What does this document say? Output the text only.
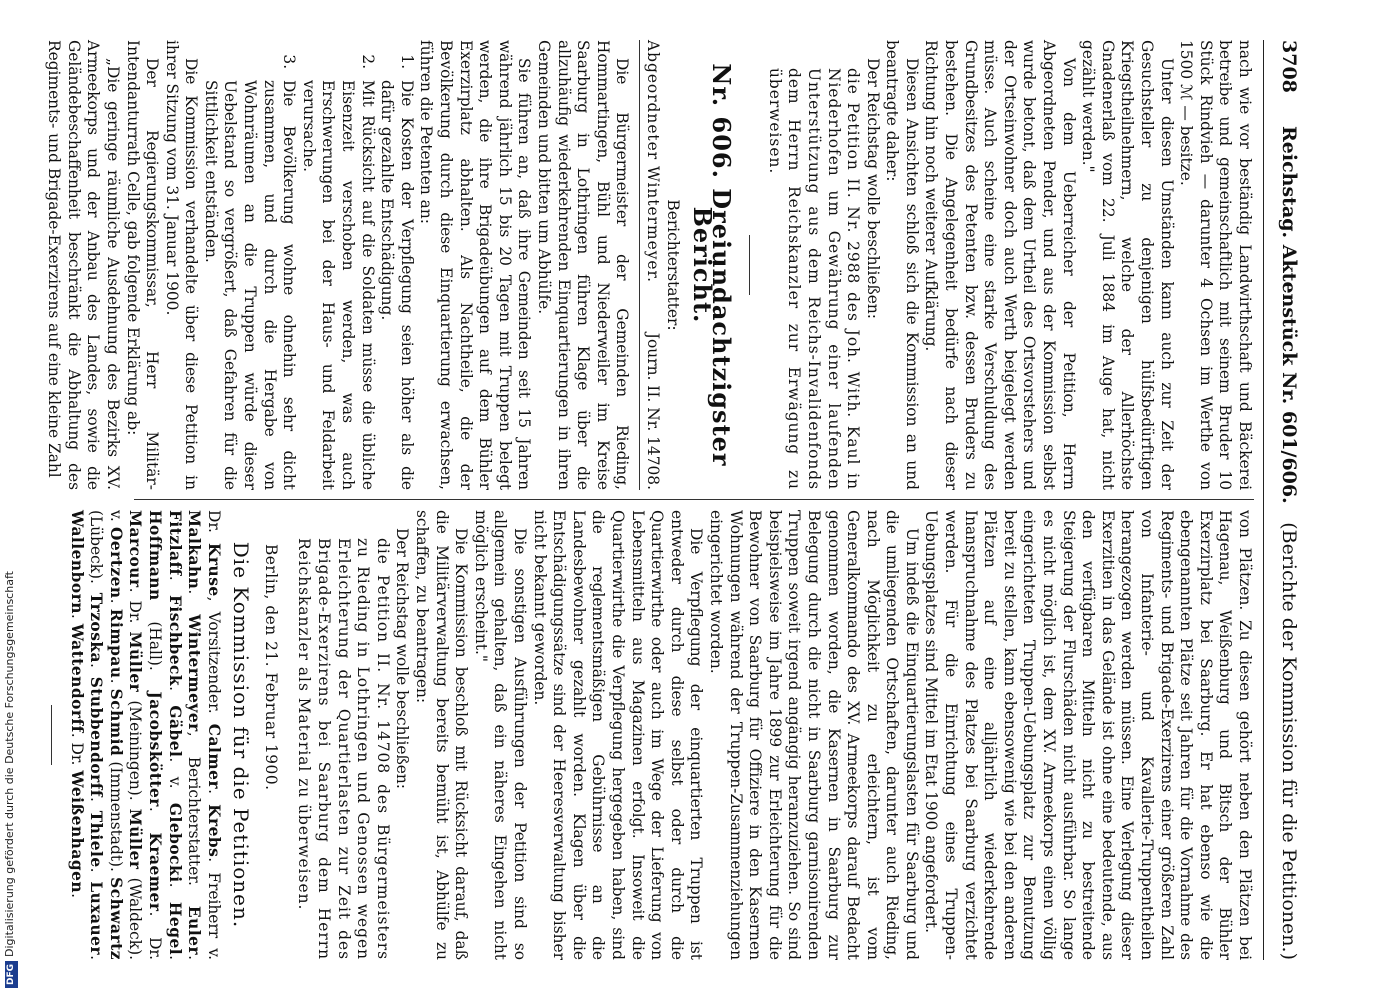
3708
Reichstag. Aktenstück Nr. 601/606.
(Berichte der Kommission für die Petitionen.)

nach wie vor beständig Landwirthschaft und Bäckerei betreibe und gemeinschaftlich mit seinem Bruder 10 Stück Rindvieh — darunter 4 Ochsen im Werthe von 1500 ℳ — besitze.

Unter diesen Umständen kann auch zur Zeit der Gesuchsteller zu denjenigen hülfsbedürftigen Kriegstheilnehmern, welche der Allerhöchste Gnadenerlaß vom 22. Juli 1884 im Auge hat, nicht gezählt werden."

Von dem Ueberreicher der Petition, Herrn Abgeordneten Pender, und aus der Kommission selbst wurde betont, daß dem Urtheil des Ortsvorstehers und der Ortseinwohner doch auch Werth beigelegt werden müsse. Auch scheine eine starke Verschuldung des Grundbesitzes des Petenten bzw. dessen Bruders zu bestehen. Die Angelegenheit bedürfe nach dieser Richtung hin noch weiterer Aufklärung.

Diesen Ansichten schloß sich die Kommission an und beantragte daher:

Der Reichstag wolle beschließen:

die Petition II. Nr. 2988 des Joh. With. Kaul in Niederhofen um Gewährung einer laufenden Unterstützung aus dem Reichs-Invalidenfonds dem Herrn Reichskanzler zur Erwägung zu überweisen.

Nr. 606. Dreiundachtzigster Bericht.

Berichterstatter:

Abgeordneter Wintermeyer.
Journ. II. Nr. 14708.

Die Bürgermeister der Gemeinden Rieding, Hommartingen, Bühl und Niederweiler im Kreise Saarburg in Lothringen führen Klage über die allzuhäufig wiederkehrenden Einquartierungen in ihren Gemeinden und bitten um Abhülfe.

Sie führen an, daß ihre Gemeinden seit 15 Jahren während jährlich 15 bis 20 Tagen mit Truppen belegt werden, die ihre Brigadeübungen auf dem Bühler Exerzirplatz abhalten. Als Nachtheile, die der Bevölkerung durch diese Einquartierung erwachsen, führen die Petenten an:

1. Die Kosten der Verpflegung seien höher als die dafür gezahlte Entschädigung.
2. Mit Rücksicht auf die Soldaten müsse die übliche Eisenzeit verschoben werden, was auch Erschwerungen bei der Haus- und Feldarbeit verursache.
3. Die Bevölkerung wohne ohnehin sehr dicht zusammen, und durch die Hergabe von Wohnräumen an die Truppen würde dieser Uebelstand so vergrößert, daß Gefahren für die Sittlichkeit entständen.

Die Kommission verhandelte über diese Petition in ihrer Sitzung vom 31. Januar 1900.

Der Regierungskommissar, Herr Militär-Intendanturrath Celle, gab folgende Erklärung ab:

„Die geringe räumliche Ausdehnung des Bezirks XV. Armeekorps und der Anbau des Landes, sowie die Geländebeschaffenheit beschränkt die Abhaltung des Regiments- und Brigade-Exerzirens auf eine kleine Zahl

von Plätzen. Zu diesen gehört neben den Plätzen bei Hagenau, Weißenburg und Bitsch der Bühler Exerzirplatz bei Saarburg. Er hat ebenso wie die ebengenannten Plätze seit Jahren für die Vornahme des Regiments- und Brigade-Exerzirens einer größeren Zahl von Infanterie- und Kavallerie-Truppentheilen herangezogen werden müssen. Eine Verlegung dieser Exerzitien in das Gelände ist ohne eine bedeutende, aus den verfügbaren Mitteln nicht zu bestreitende Steigerung der Flurschäden nicht ausführbar. So lange es nicht möglich ist, dem XV. Armeekorps einen völlig eingerichteten Truppen-Uebungsplatz zur Benutzung bereit zu stellen, kann ebensowenig wie bei den anderen Plätzen auf eine alljährlich wiederkehrende Inanspruchnahme des Platzes bei Saarburg verzichtet werden. Für die Einrichtung eines Truppen-Uebungsplatzes sind Mittel im Etat 1900 angefordert.

Um indeß die Einquartierungslasten für Saarburg und die umliegenden Ortschaften, darunter auch Rieding, nach Möglichkeit zu erleichtern, ist vom Generalkommando des XV. Armeekorps darauf Bedacht genommen worden, die Kasernen in Saarburg zur Belegung durch die nicht in Saarburg garnisonirenden Truppen soweit irgend angängig heranzuziehen. So sind beispielsweise im Jahre 1899 zur Erleichterung für die Bewohner von Saarburg für Offiziere in den Kasernen Wohnungen während der Truppen-Zusammenziehungen eingerichtet worden.

Die Verpflegung der einquartierten Truppen ist entweder durch diese selbst oder durch die Quartierwirthe oder auch im Wege der Lieferung von Lebensmitteln aus Magazinen erfolgt. Insoweit die Quartierwirthe die Verpflegung hergegeben haben, sind die reglementsmäßigen Gebührnisse an die Landesbewohner gezahlt worden. Klagen über die Entschädigungssätze sind der Heeresverwaltung bisher nicht bekannt geworden.

Die sonstigen Ausführungen der Petition sind so allgemein gehalten, daß ein näheres Eingehen nicht möglich erscheint."

Die Kommission beschloß mit Rücksicht darauf, daß die Militärverwaltung bereits bemüht ist, Abhülfe zu schaffen, zu beantragen:

Der Reichstag wolle beschließen:

die Petition II. Nr. 14708 des Bürgermeisters zu Rieding in Lothringen und Genossen wegen Erleichterung der Quartierlasten zur Zeit des Brigade-Exerzirens bei Saarburg dem Herrn Reichskanzler als Material zu überweisen.

Berlin, den 21. Februar 1900.

Die Kommission für die Petitionen.

Dr. Kruse, Vorsitzender. Calmer. Krebs. Freiherr v. Malkahn. Wintermeyer, Berichterstatter. Euler. Fitzlaff. Fischbeck. Gäbel. v. Glebocki. Hegel. Hoffmann (Hall). Jacobskötter. Kraemer. Dr. Marcour. Dr. Müller (Meiningen). Müller (Waldeck). v. Oertzen. Rimpau. Schmid (Immenstadt). Schwartz (Lübeck). Trzoska. Stubbendorff. Thiele. Luxauer. Wallenborn. Wattendorff. Dr. Weißenhagen.

DFGDigitalisierung gefördert durch die Deutsche Forschungsgemeinschaft
